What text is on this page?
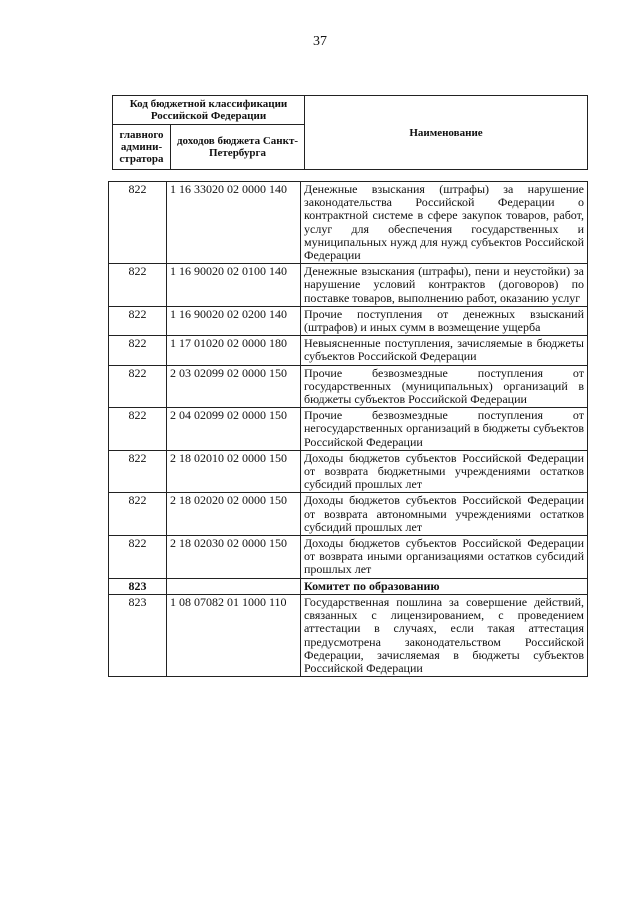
37
Код бюджетной классификации Российской Федерации		Наименование
главного админи-стратора	доходов бюджета Санкт-Петербурга	
822	1 16 33020 02 0000 140	Денежные взыскания (штрафы) за нарушение законодательства Российской Федерации о контрактной системе в сфере закупок товаров, работ, услуг для обеспечения государственных и муниципальных нужд для нужд субъектов Российской Федерации
822	1 16 90020 02 0100 140	Денежные взыскания (штрафы), пени и неустойки) за нарушение условий контрактов (договоров) по поставке товаров, выполнению работ, оказанию услуг
822	1 16 90020 02 0200 140	Прочие поступления от денежных взысканий (штрафов) и иных сумм в возмещение ущерба
822	1 17 01020 02 0000 180	Невыясненные поступления, зачисляемые в бюджеты субъектов Российской Федерации
822	2 03 02099 02 0000 150	Прочие безвозмездные поступления от государственных (муниципальных) организаций в бюджеты субъектов Российской Федерации
822	2 04 02099 02 0000 150	Прочие безвозмездные поступления от негосударственных организаций в бюджеты субъектов Российской Федерации
822	2 18 02010 02 0000 150	Доходы бюджетов субъектов Российской Федерации от возврата бюджетными учреждениями остатков субсидий прошлых лет
822	2 18 02020 02 0000 150	Доходы бюджетов субъектов Российской Федерации от возврата автономными учреждениями остатков субсидий прошлых лет
822	2 18 02030 02 0000 150	Доходы бюджетов субъектов Российской Федерации от возврата иными организациями остатков субсидий прошлых лет
823		Комитет по образованию
823	1 08 07082 01 1000 110	Государственная пошлина за совершение действий, связанных с лицензированием, с проведением аттестации в случаях, если такая аттестация предусмотрена законодательством Российской Федерации, зачисляемая в бюджеты субъектов Российской Федерации
